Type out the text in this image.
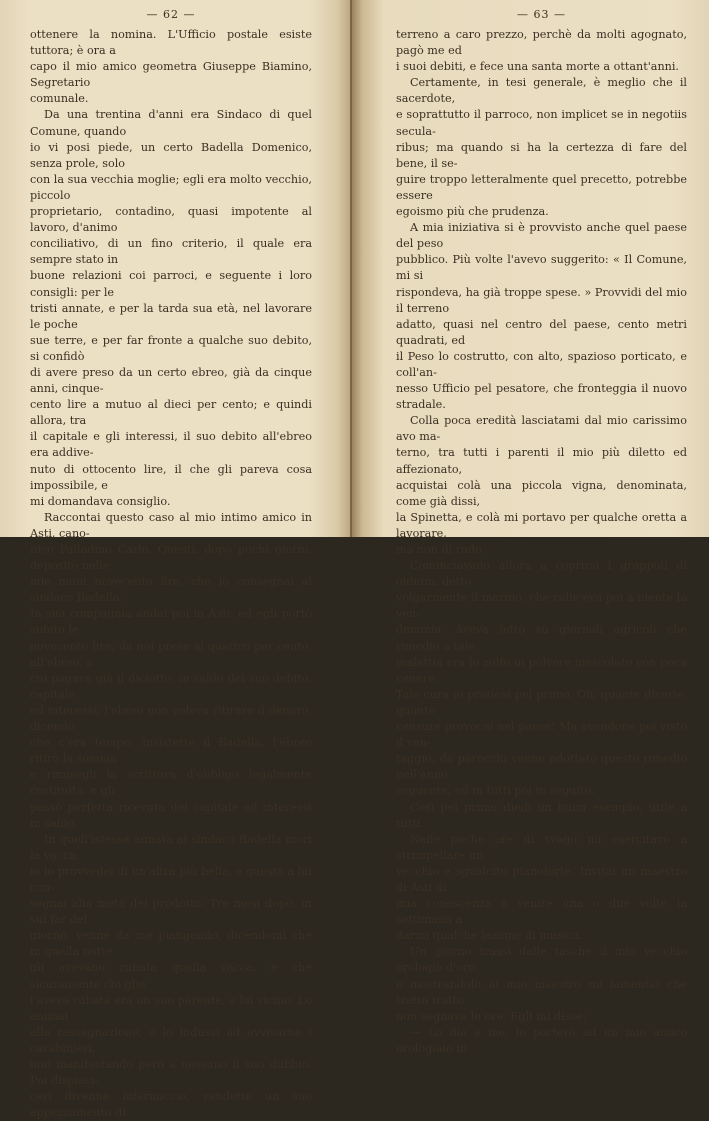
— 62 —

ottenere la nomina. L'Ufficio postale esiste tuttora; è ora a

capo il mio amico geometra Giuseppe Biamino, Segretario

comunale.

Da una trentina d'anni era Sindaco di quel Comune, quando

io vi posi piede, un certo Badella Domenico, senza prole, solo

con la sua vecchia moglie; egli era molto vecchio, piccolo

proprietario, contadino, quasi impotente al lavoro, d'animo

conciliativo, di un fino criterio, il quale era sempre stato in

buone relazioni coi parroci, e seguente i loro consigli: per le

tristi annate, e per la tarda sua età, nel lavorare le poche

sue terre, e per far fronte a qualche suo debito, si confidò

di avere preso da un certo ebreo, già da cinque anni, cinque-

cento lire a mutuo al dieci per cento; e quindi allora, tra

il capitale e gli interessi, il suo debito all'ebreo era addive-

nuto di ottocento lire, il che gli pareva cosa impossibile, e

mi domandava consiglio.

Raccontai questo caso al mio intimo amico in Asti, cano-

nico Palladino Carlo. Questi, dopo pochi giorni, depositò nelle

mie mani novecento lire, che io consegnai al sindaco Badella.

In sua compagnia andai poi in Asti, ed egli portò subito le

novecento lire, da noi prese al quattro per cento, all'ebreo, a

cui pagava già il diciotto, in saldo del suo debito, capitale

ed interessi; l'ebreo non voleva ritirare il denaro, dicendo

che c'era tempo; insistette il Badella, l'ebreo ritirò la somma

e rimisegli la scrittura d'obbligo legalmente costituita, e gli

passò perfetta ricevuta del capitale ed interessi in saldo.

In quell'istessa annata al sindaco Badella morì la vacca;

io lo provvedei di un'altra più bella, e questa a lui con-

segnai alla metà del prodotto. Tre mesi dopo, in sul far del

giorno, venne da me piangendo, dicendomi che in quella notte

gli avevano rubata quella vacca, e che sicuramente chi glie

l'aveva rubata era un suo parente, a lui vicino. Lo animai

alla rassegnazione, e lo indussi ad avvisarne i carabinieri,

non manifestando però a nessuno il suo dubbio. Poi dispiaci-

ceri divenne infermiccio, vendette un suo appezzamento di

— 63 —

terreno a caro prezzo, perchè da molti agognato, pagò me ed

i suoi debiti, e fece una santa morte a ottant'anni.

Certamente, in tesi generale, è meglio che il sacerdote,

e soprattutto il parroco, non implicet se in negotiis secula-

ribus; ma quando si ha la certezza di fare del bene, il se-

guire troppo letteralmente quel precetto, potrebbe essere

egoismo più che prudenza.

A mia iniziativa si è provvisto anche quel paese del peso

pubblico. Più volte l'avevo suggerito: « Il Comune, mi si

rispondeva, ha già troppe spese. » Provvidi del mio il terreno

adatto, quasi nel centro del paese, cento metri quadrati, ed

il Peso lo costrutto, con alto, spazioso porticato, e coll'an-

nesso Ufficio pel pesatore, che fronteggia il nuovo stradale.

Colla poca eredità lasciatami dal mio carissimo avo ma-

terno, tra tutti i parenti il mio più diletto ed affezionato,

acquistai colà una piccola vigna, denominata, come già dissi,

la Spinetta, e colà mi portavo per qualche oretta a lavorare,

ma non di rado.

Cominciavano allora a coprirsi i grappoli di oidium, detto

volgarmente il marino, che riduceva poi a niente la ven-

demmia. Aveva letto su giornali agricoli che rimedio a tale

malattia era lo zolfo in polvere mescolato con poca cenere.

Tale cura io praticai pel primo. Oh, quante dicerie, quante

censure provocai nel paese! Ma avendone poi visto il van-

taggio, da parecchi venne adottato questo rimedio nell'anno

seguente, ed in tutti poi in seguito.

Così pel primo diedi un buon esempio, utile a tutti.

Nelle poche ore di svago mi esercitavo a strimpellare un

vecchio e sgualcito pianoforte. Invitai un maestro di Asti di

mia conoscenza a venire una o due volte la settimana a

darmi qualche lezione di musica.

Un giorno trassi dalle tasche il mio vecchio orologio d'oro,

e mostrandolo al mio maestro mi lamentai che tratto tratto

non segnava le ore. Egli mi disse:

— Lo dia a me, lo porterò ad un mio amico orologiaio in
